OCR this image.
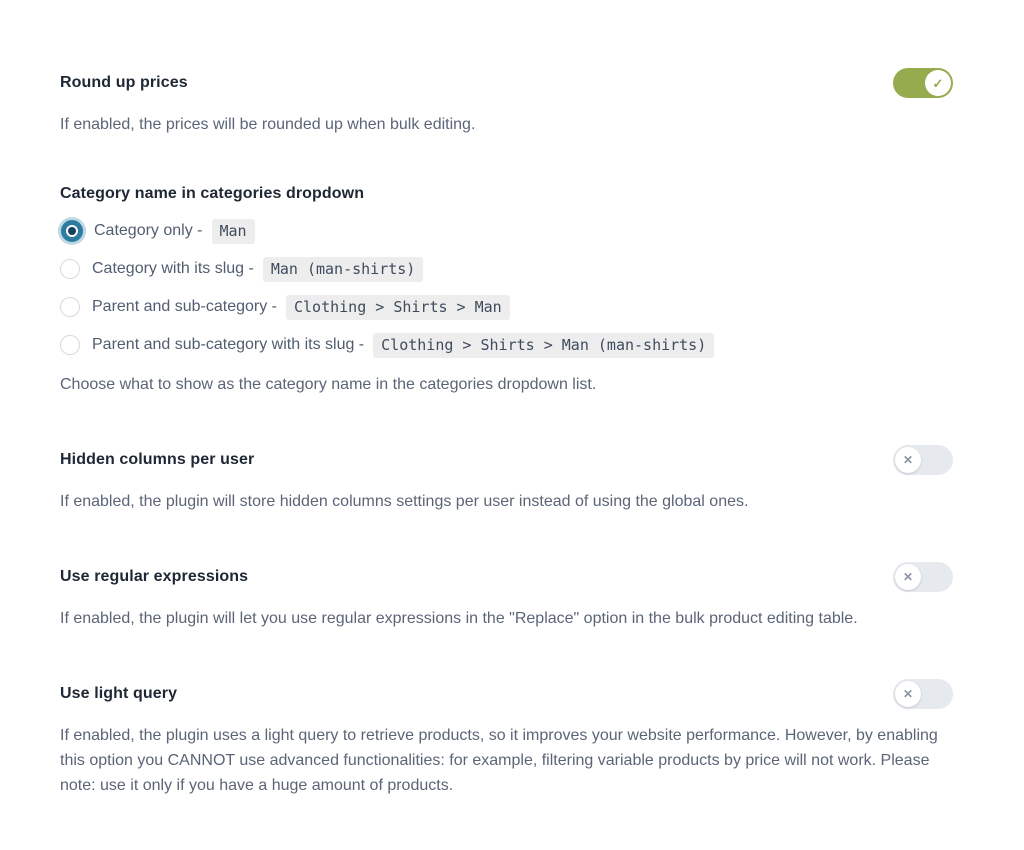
Round up prices	✓
If enabled, the prices will be rounded up when bulk editing.
Category name in categories dropdown
Category only -	Man
Category with its slug -	Man (man-shirts)
Parent and sub-category -	Clothing > Shirts > Man
Parent and sub-category with its slug -	Clothing > Shirts > Man (man-shirts)
Choose what to show as the category name in the categories dropdown list.
Hidden columns per user	✕
If enabled, the plugin will store hidden columns settings per user instead of using the global ones.
Use regular expressions	✕
If enabled, the plugin will let you use regular expressions in the "Replace" option in the bulk product editing table.
Use light query	✕
If enabled, the plugin uses a light query to retrieve products, so it improves your website performance. However, by enabling this option you CANNOT use advanced functionalities: for example, filtering variable products by price will not work. Please note: use it only if you have a huge amount of products.
